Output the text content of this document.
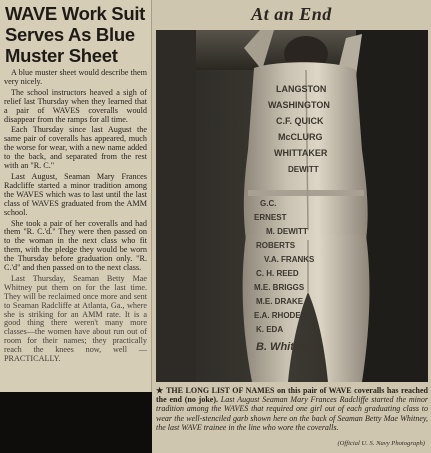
WAVE Work Suit
Serves As Blue
Muster Sheet

A blue muster sheet would describe them very nicely.

The school instructors heaved a sigh of relief last Thursday when they learned that a pair of WAVES coveralls would disappear from the ramps for all time.

Each Thursday since last August the same pair of coveralls has appeared, much the worse for wear, with a new name added to the back, and separated from the rest with an "R. C."

Last August, Seaman Mary Frances Radcliffe started a minor tradition among the WAVES which was to last until the last class of WAVES graduated from the AMM school.

She took a pair of her coveralls and had them "R. C.'d." They were then passed on to the woman in the next class who fit them, with the pledge they would be worn the Thursday before graduation only. "R. C.'d" and then passed on to the next class.

Last Thursday, Seaman Betty Mae Whitney put them on for the last time. They will be reclaimed once more and sent to Seaman Radcliffe at Atlanta, Ga., where she is striking for an AMM rate. It is a good thing there weren't many more classes—the women have about run out of room for their names; they practically reach the knees now, well —PRACTICALLY.

At an End
LANGSTON
WASHINGTON
C.F. QUICK
McCLURG
WHITTAKER
DEWITT
G.C.
ERNEST
M. DEWITT
ROBERTS
V.A. FRANKS
C. H. REED
M.E. BRIGGS
M.E. DRAKE
E.A. RHODES
K. EDA
B. Whitney
★ THE LONG LIST OF NAMES on this pair of WAVE coveralls has reached the end (no joke). Last August Seaman Mary Frances Radcliffe started the minor tradition among the WAVES that required one girl out of each graduating class to wear the well-stenciled garb shown here on the back of Seaman Betty Mae Whitney, the last WAVE trainee in the line who wore the coveralls.
(Official U. S. Navy Photograph)
